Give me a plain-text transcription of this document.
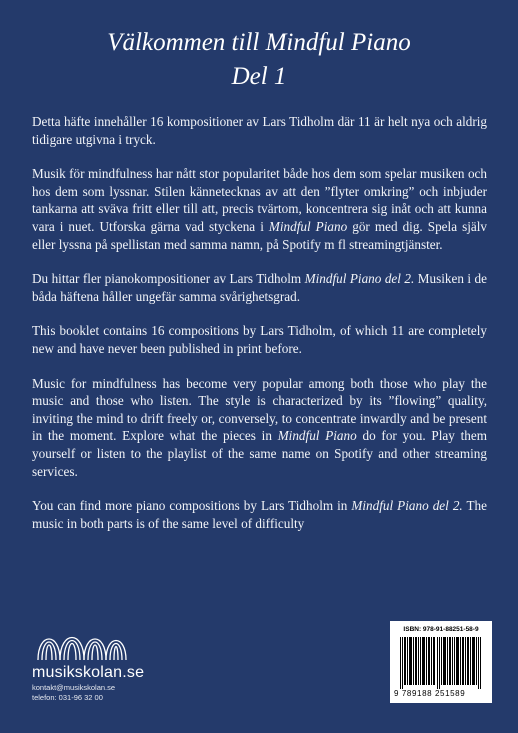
Välkommen till Mindful Piano
Del 1

Detta häfte innehåller 16 kompositioner av Lars Tidholm där 11 är helt nya och aldrig tidigare utgivna i tryck.

Musik för mindfulness har nått stor popularitet både hos dem som spelar musiken och hos dem som lyssnar. Stilen kännetecknas av att den ”flyter omkring” och inbjuder tankarna att sväva fritt eller till att, precis tvärtom, koncentrera sig inåt och att kunna vara i nuet. Utforska gärna vad styckena i Mindful Piano gör med dig. Spela själv eller lyssna på spellistan med samma namn, på Spotify m fl streamingtjänster.

Du hittar fler pianokompositioner av Lars Tidholm Mindful Piano del 2. Musiken i de båda häftena håller ungefär samma svårighetsgrad.

This booklet contains 16 compositions by Lars Tidholm, of which 11 are completely new and have never been published in print before.

Music for mindfulness has become very popular among both those who play the music and those who listen. The style is characterized by its ”flowing” quality, inviting the mind to drift freely or, conversely, to concentrate inwardly and be present in the moment. Explore what the pieces in Mindful Piano do for you. Play them yourself or listen to the playlist of the same name on Spotify and other streaming services.

You can find more piano compositions by Lars Tidholm in Mindful Piano del 2. The music in both parts is of the same level of difficulty

musikskolan.se
kontakt@musikskolan.se
telefon: 031-96 32 00
ISBN: 978-91-88251-58-9
9 789188 251589
